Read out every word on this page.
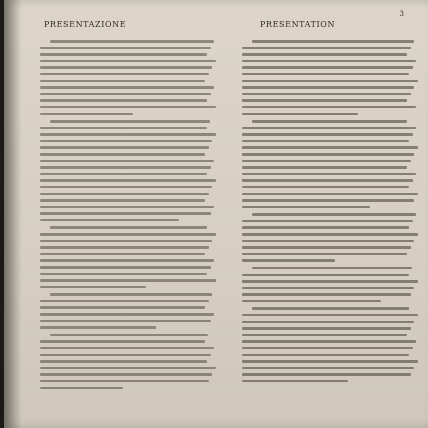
3
PRESENTAZIONE	PRESENTATION
